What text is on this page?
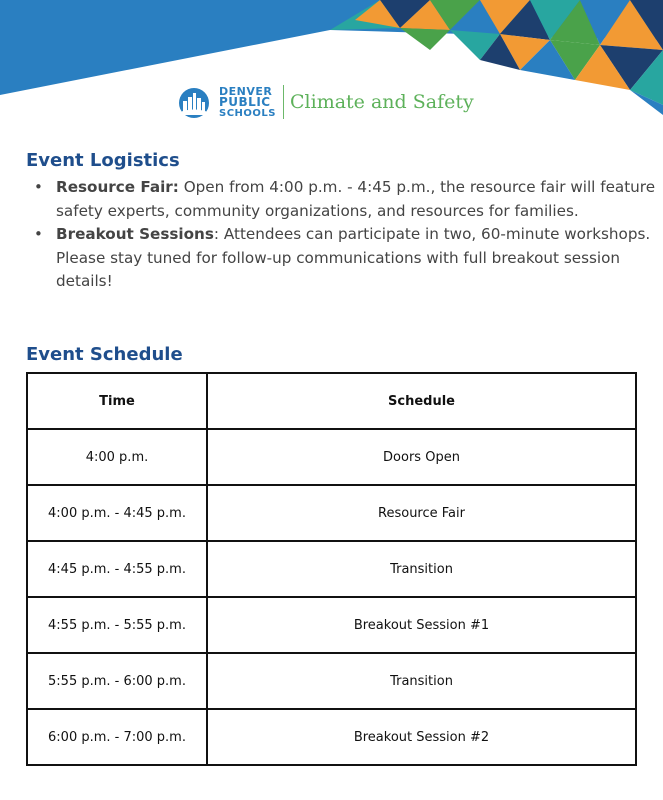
DENVER
PUBLIC
SCHOOLS Climate and Safety
Event Logistics
• Resource Fair: Open from 4:00 p.m. - 4:45 p.m., the resource fair will feature safety experts, community organizations, and resources for families.
• Breakout Sessions: Attendees can participate in two, 60-minute workshops. Please stay tuned for follow-up communications with full breakout session details!
Event Schedule
Time	Schedule
4:00 p.m.	Doors Open
4:00 p.m. - 4:45 p.m.	Resource Fair
4:45 p.m. - 4:55 p.m.	Transition
4:55 p.m. - 5:55 p.m.	Breakout Session #1
5:55 p.m. - 6:00 p.m.	Transition
6:00 p.m. - 7:00 p.m.	Breakout Session #2
